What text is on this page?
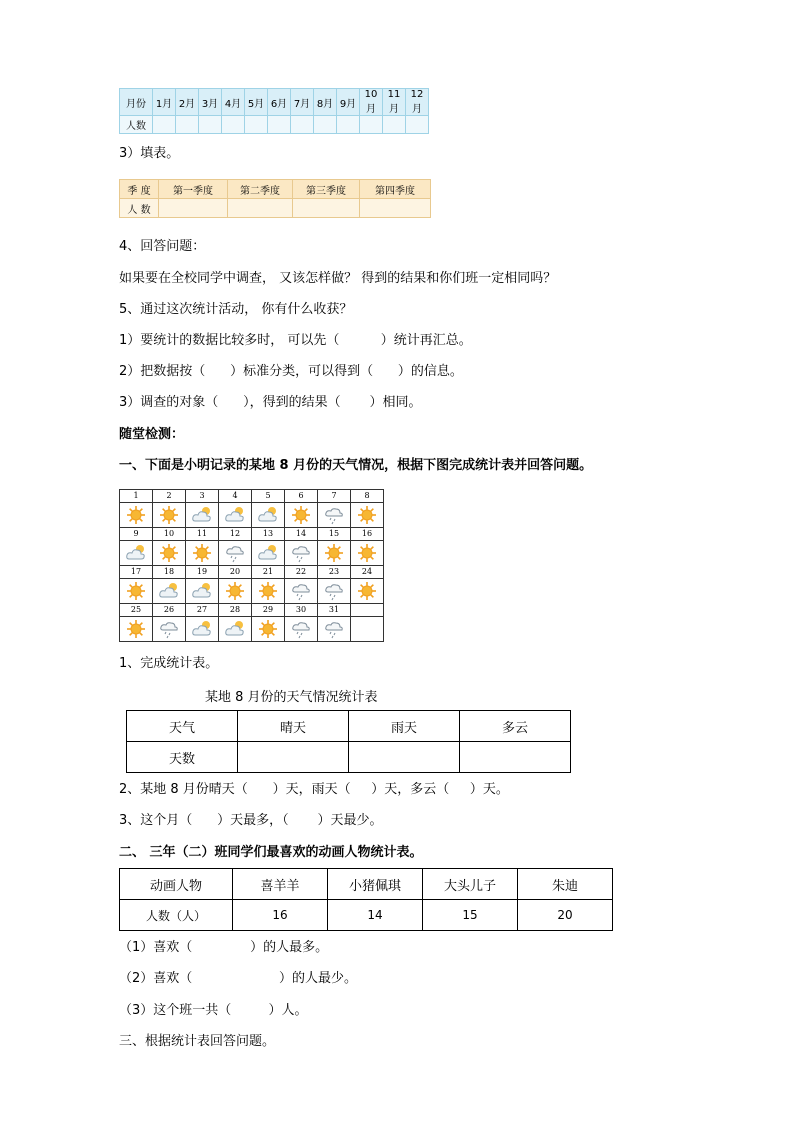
月份	1月	2月	3月	4月	5月	6月	7月	8月	9月	10月	11月	12月
人数												
3）填表。
季 度	第一季度	第二季度	第三季度	第四季度
人 数				
4、回答问题：
如果要在全校同学中调查， 又该怎样做？ 得到的结果和你们班一定相同吗？
5、通过这次统计活动， 你有什么收获？
1）要统计的数据比较多时， 可以先（          ）统计再汇总。
2）把数据按（      ）标准分类，可以得到（      ）的信息。
3）调查的对象（      ），得到的结果（       ）相同。
随堂检测：
一、下面是小明记录的某地 8 月份的天气情况，根据下图完成统计表并回答问题。
1	2	3	4	5	6	7	8

9	10	11	12	13	14	15	16

17	18	19	20	21	22	23	24

25	26	27	28	29	30	31	

1、完成统计表。
某地 8 月份的天气情况统计表
天气	晴天	雨天	多云
天数			
2、某地 8 月份晴天（      ）天，雨天（     ）天，多云（     ）天。
3、这个月（      ）天最多，（       ）天最少。
二、 三年（二）班同学们最喜欢的动画人物统计表。
动画人物	喜羊羊	小猪佩琪	大头儿子	朱迪
人数（人）	16	14	15	20
（1）喜欢（              ）的人最多。
（2）喜欢（                     ）的人最少。
（3）这个班一共（         ）人。
三、根据统计表回答问题。
